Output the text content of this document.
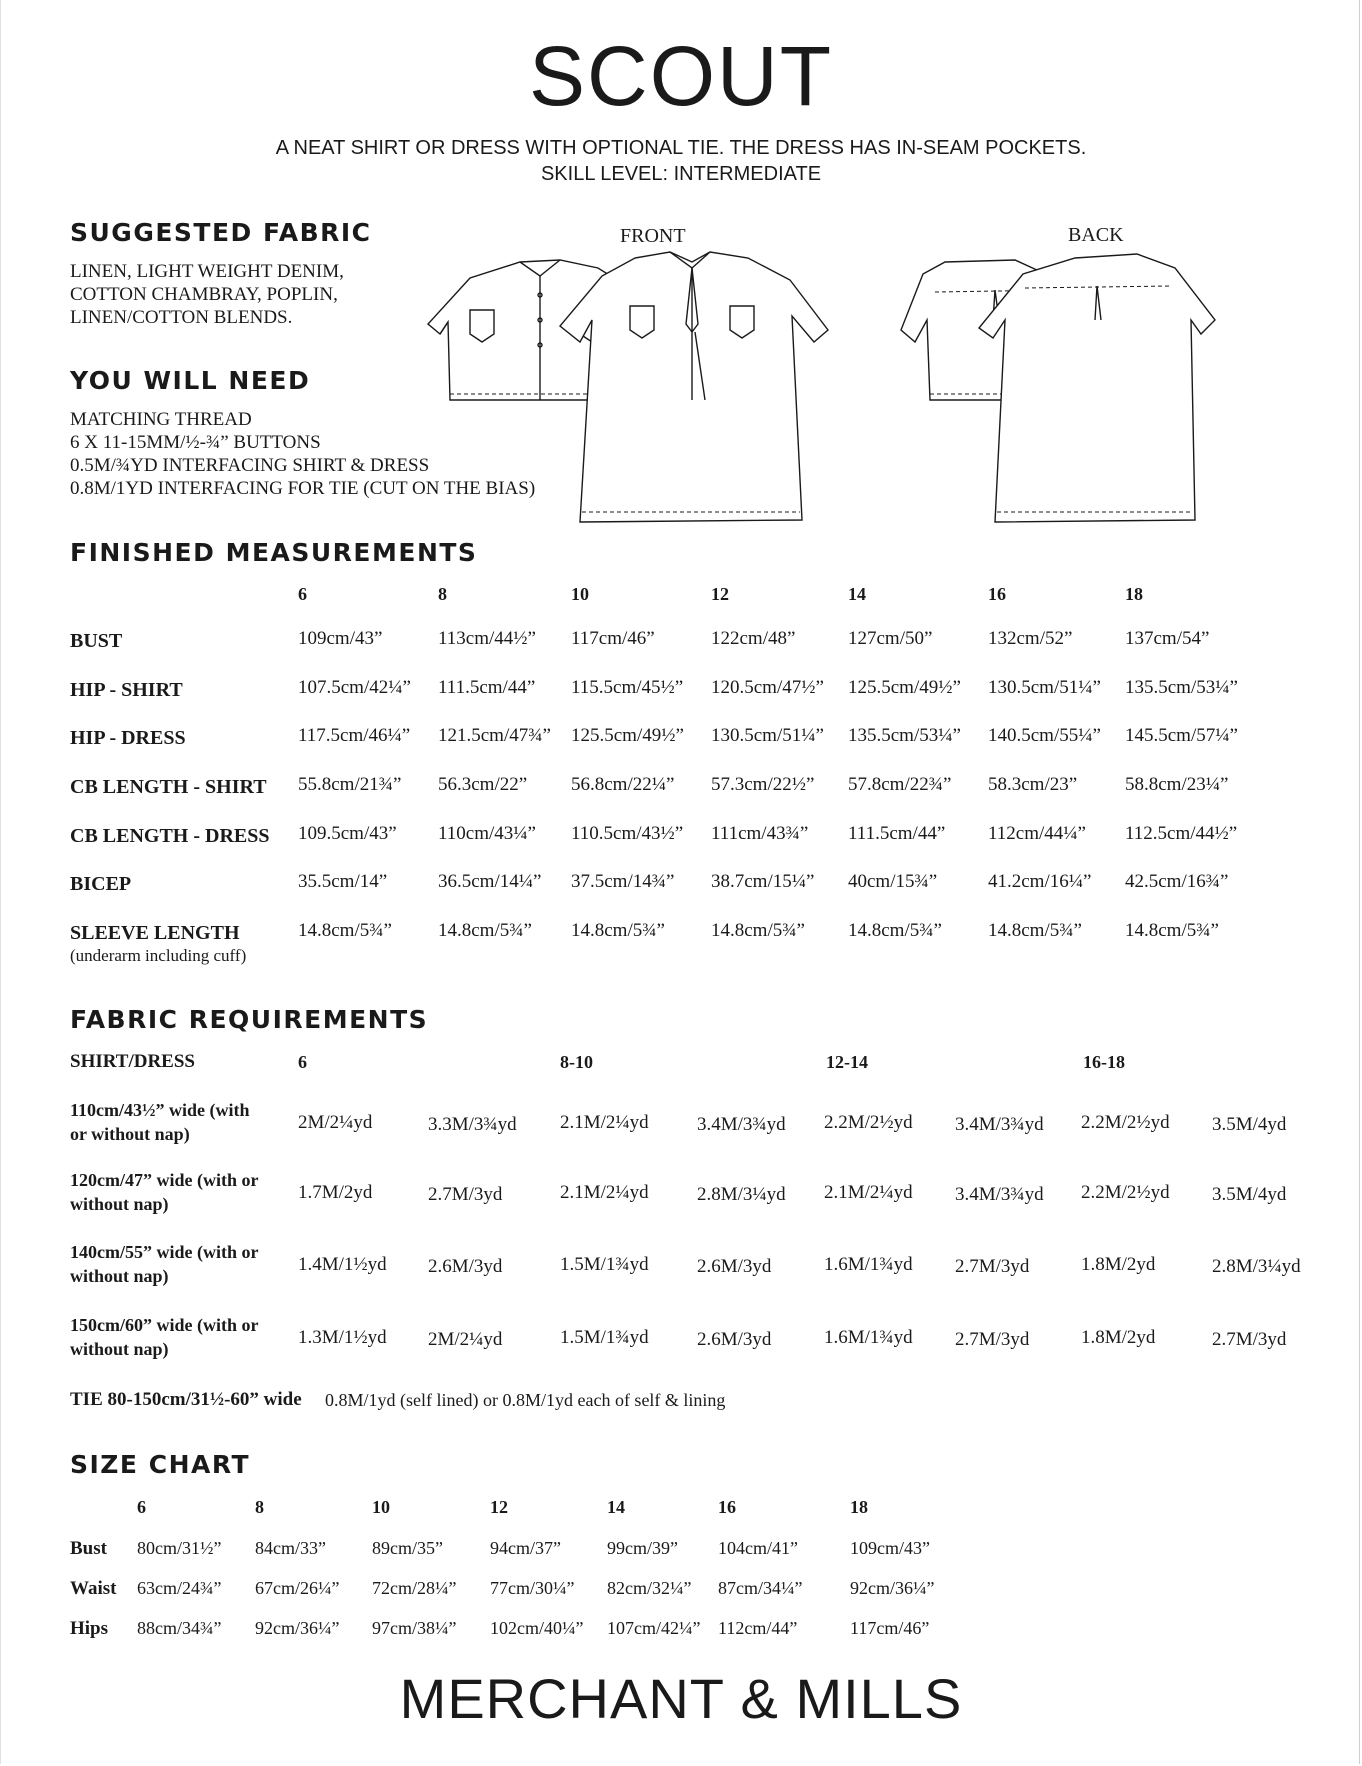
SCOUT
A NEAT SHIRT OR DRESS WITH OPTIONAL TIE. THE DRESS HAS IN-SEAM POCKETS.
SKILL LEVEL: INTERMEDIATE
SUGGESTED FABRIC
LINEN, LIGHT WEIGHT DENIM,
COTTON CHAMBRAY, POPLIN,
LINEN/COTTON BLENDS.
YOU WILL NEED
MATCHING THREAD
6 X 11-15MM/½-¾” BUTTONS
0.5M/¾YD INTERFACING SHIRT & DRESS
0.8M/1YD INTERFACING FOR TIE (CUT ON THE BIAS)
FRONT	BACK
FINISHED MEASUREMENTS
6	8	10	12	14	16	18
BUST	109cm/43”	113cm/44½” 117cm/46”	122cm/48”	127cm/50”	132cm/52”	137cm/54”
HIP - SHIRT	107.5cm/42¼” 111.5cm/44” 115.5cm/45½” 120.5cm/47½” 125.5cm/49½” 130.5cm/51¼” 135.5cm/53¼”
HIP - DRESS	117.5cm/46¼” 121.5cm/47¾” 125.5cm/49½” 130.5cm/51¼” 135.5cm/53¼” 140.5cm/55¼” 145.5cm/57¼”
CB LENGTH - SHIRT 55.8cm/21¾” 56.3cm/22” 56.8cm/22¼” 57.3cm/22½” 57.8cm/22¾” 58.3cm/23”	58.8cm/23¼”
CB LENGTH - DRESS 109.5cm/43” 110cm/43¼” 110.5cm/43½” 111cm/43¾” 111.5cm/44” 112cm/44¼” 112.5cm/44½”
BICEP	35.5cm/14”	36.5cm/14¼” 37.5cm/14¾” 38.7cm/15¼” 40cm/15¾”	41.2cm/16¼” 42.5cm/16¾”
SLEEVE LENGTH
(underarm including cuff)
14.8cm/5¾” 14.8cm/5¾” 14.8cm/5¾” 14.8cm/5¾” 14.8cm/5¾” 14.8cm/5¾” 14.8cm/5¾”
FABRIC REQUIREMENTS
SHIRT/DRESS	6	8-10	12-14	16-18
110cm/43½” wide (with
or without nap)
2M/2¼yd	3.3M/3¾yd 2.1M/2¼yd	3.4M/3¾yd 2.2M/2½yd 3.4M/3¾yd 2.2M/2½yd 3.5M/4yd
120cm/47” wide (with or
without nap)
1.7M/2yd	2.7M/3yd	2.1M/2¼yd	2.8M/3¼yd 2.1M/2¼yd 3.4M/3¾yd 2.2M/2½yd 3.5M/4yd
140cm/55” wide (with or
without nap)
1.4M/1½yd 2.6M/3yd	1.5M/1¾yd	2.6M/3yd	1.6M/1¾yd 2.7M/3yd	1.8M/2yd	2.8M/3¼yd
150cm/60” wide (with or
without nap)
1.3M/1½yd 2M/2¼yd	1.5M/1¾yd	2.6M/3yd	1.6M/1¾yd 2.7M/3yd	1.8M/2yd	2.7M/3yd
TIE 80-150cm/31½-60” wide 0.8M/1yd (self lined) or 0.8M/1yd each of self & lining
SIZE CHART
6	8	10	12	14	16	18
Bust 80cm/31½” 84cm/33”	89cm/35”	94cm/37”	99cm/39” 104cm/41”	109cm/43”
Waist 63cm/24¾” 67cm/26¼” 72cm/28¼” 77cm/30¼” 82cm/32¼” 87cm/34¼”	92cm/36¼”
Hips 88cm/34¾” 92cm/36¼” 97cm/38¼” 102cm/40¼” 107cm/42¼” 112cm/44”	117cm/46”
MERCHANT & MILLS
